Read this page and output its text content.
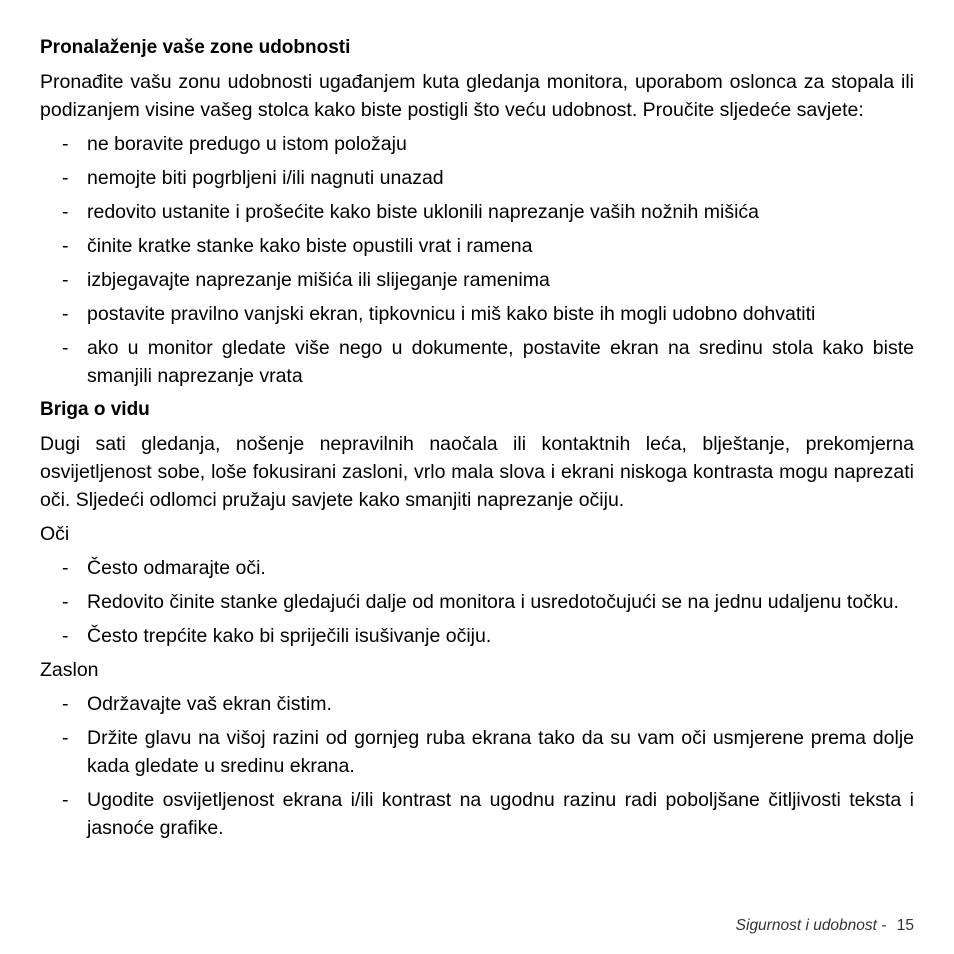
Pronalaženje vaše zone udobnosti

Pronađite vašu zonu udobnosti ugađanjem kuta gledanja monitora, uporabom oslonca za stopala ili podizanjem visine vašeg stolca kako biste postigli što veću udobnost. Proučite sljedeće savjete:

- ne boravite predugo u istom položaju
- nemojte biti pogrbljeni i/ili nagnuti unazad
- redovito ustanite i prošećite kako biste uklonili naprezanje vaših nožnih mišića
- činite kratke stanke kako biste opustili vrat i ramena
- izbjegavajte naprezanje mišića ili slijeganje ramenima
- postavite pravilno vanjski ekran, tipkovnicu i miš kako biste ih mogli udobno dohvatiti
- ako u monitor gledate više nego u dokumente, postavite ekran na sredinu stola kako biste smanjili naprezanje vrata
Briga o vidu

Dugi sati gledanja, nošenje nepravilnih naočala ili kontaktnih leća, blještanje, prekomjerna osvijetljenost sobe, loše fokusirani zasloni, vrlo mala slova i ekrani niskoga kontrasta mogu naprezati oči. Sljedeći odlomci pružaju savjete kako smanjiti naprezanje očiju.

Oči
- Često odmarajte oči.
- Redovito činite stanke gledajući dalje od monitora i usredotočujući se na jednu udaljenu točku.
- Često trepćite kako bi spriječili isušivanje očiju.
Zaslon
- Održavajte vaš ekran čistim.
- Držite glavu na višoj razini od gornjeg ruba ekrana tako da su vam oči usmjerene prema dolje kada gledate u sredinu ekrana.
- Ugodite osvijetljenost ekrana i/ili kontrast na ugodnu razinu radi poboljšane čitljivosti teksta i jasnoće grafike.
Sigurnost i udobnost - 15
